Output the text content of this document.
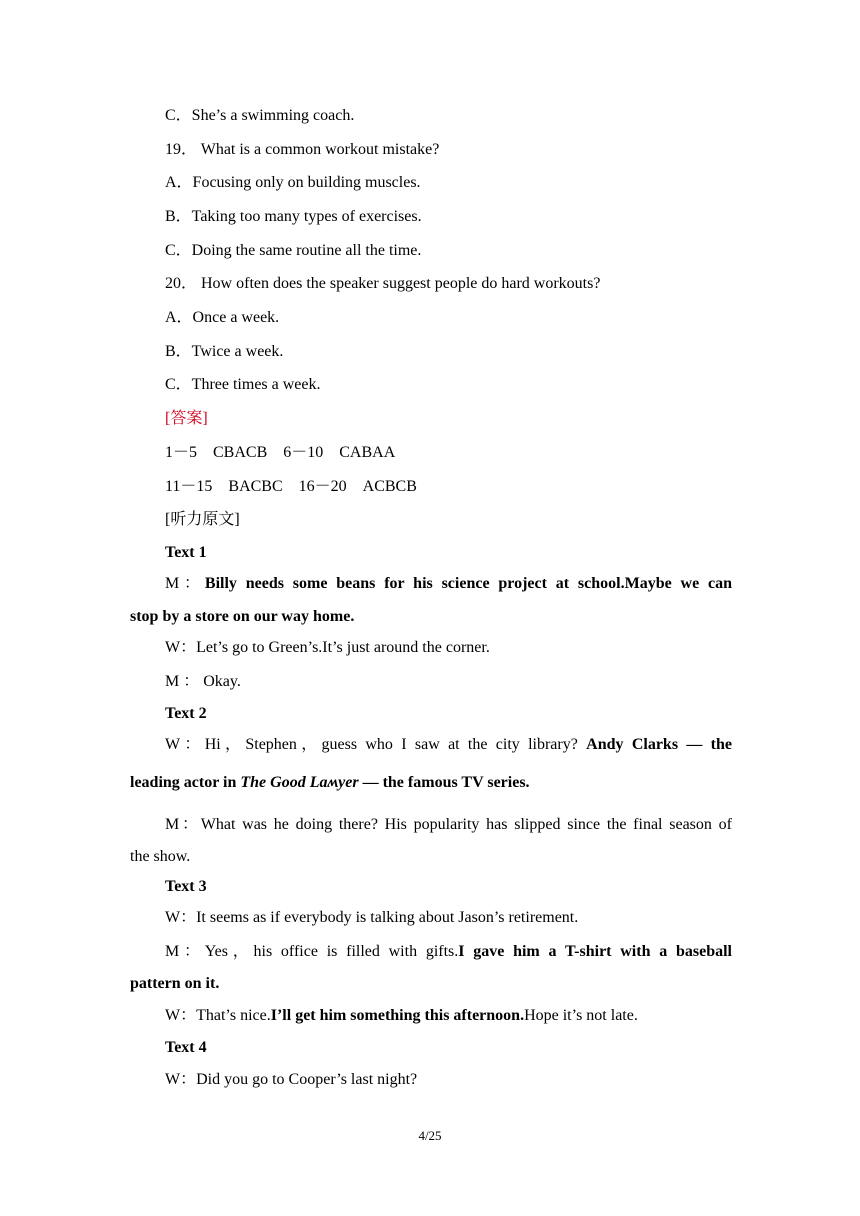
C．She’s a swimming coach.
19． What is a common workout mistake?
A．Focusing only on building muscles.
B．Taking too many types of exercises.
C．Doing the same routine all the time.
20． How often does the speaker suggest people do hard workouts?
A．Once a week.
B．Twice a week.
C．Three times a week.
[答案]
1－5　CBACB　6－10　CABAA
11－15　BACBC　16－20　ACBCB
[听力原文]
Text 1
M：Billy needs some beans for his science project at school.Maybe we can
stop by a store on our way home.
W：Let’s go to Green’s.It’s just around the corner.
M ： Okay.
Text 2
W：Hi，Stephen，guess who I saw at the city library? Andy Clarks — the
leading actor in The Good Laʍyer — the famous TV series.
M：What was he doing there? His popularity has slipped since the final season of
the show.
Text 3
W：It seems as if everybody is talking about Jason’s retirement.
M：Yes，his office is filled with gifts.I gave him a T-shirt with a baseball
pattern on it.
W：That’s nice.I’ll get him something this afternoon.Hope it’s not late.
Text 4
W：Did you go to Cooper’s last night?
4/25
